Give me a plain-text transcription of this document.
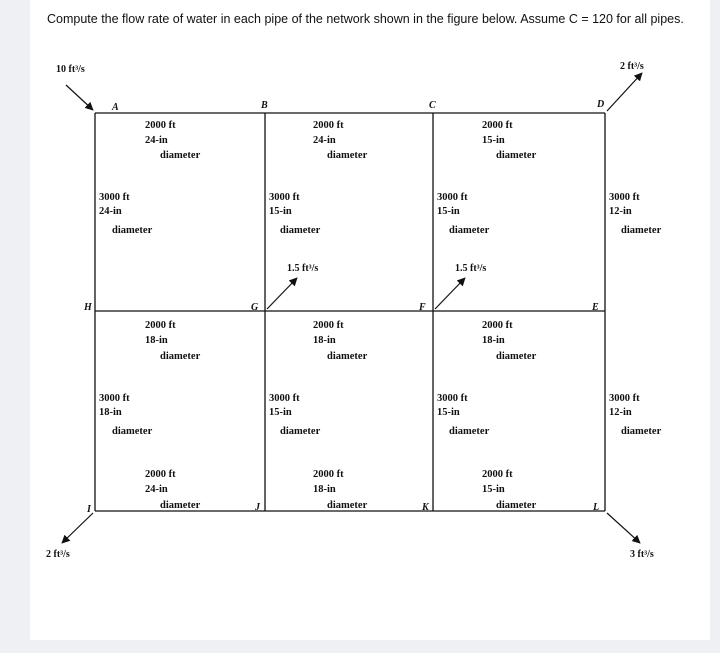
Compute the flow rate of water in each pipe of the network shown in the figure below. Assume C = 120 for all pipes.
10 ft³/s	2 ft³/s
1.5 ft³/s	1.5 ft³/s
2 ft³/s	3 ft³/s
A	B	C	D
H	G	F	E
I	J	K	L
2000 ft
24-in
diameter
2000 ft
24-in
diameter
2000 ft
15-in
diameter
3000 ft
24-in
diameter
3000 ft
15-in
diameter
3000 ft
15-in
diameter
3000 ft
12-in
diameter
2000 ft
18-in
diameter
2000 ft
18-in
diameter
2000 ft
18-in
diameter
3000 ft
18-in
diameter
3000 ft
15-in
diameter
3000 ft
15-in
diameter
3000 ft
12-in
diameter
2000 ft
24-in
diameter
2000 ft
18-in
diameter
2000 ft
15-in
diameter
